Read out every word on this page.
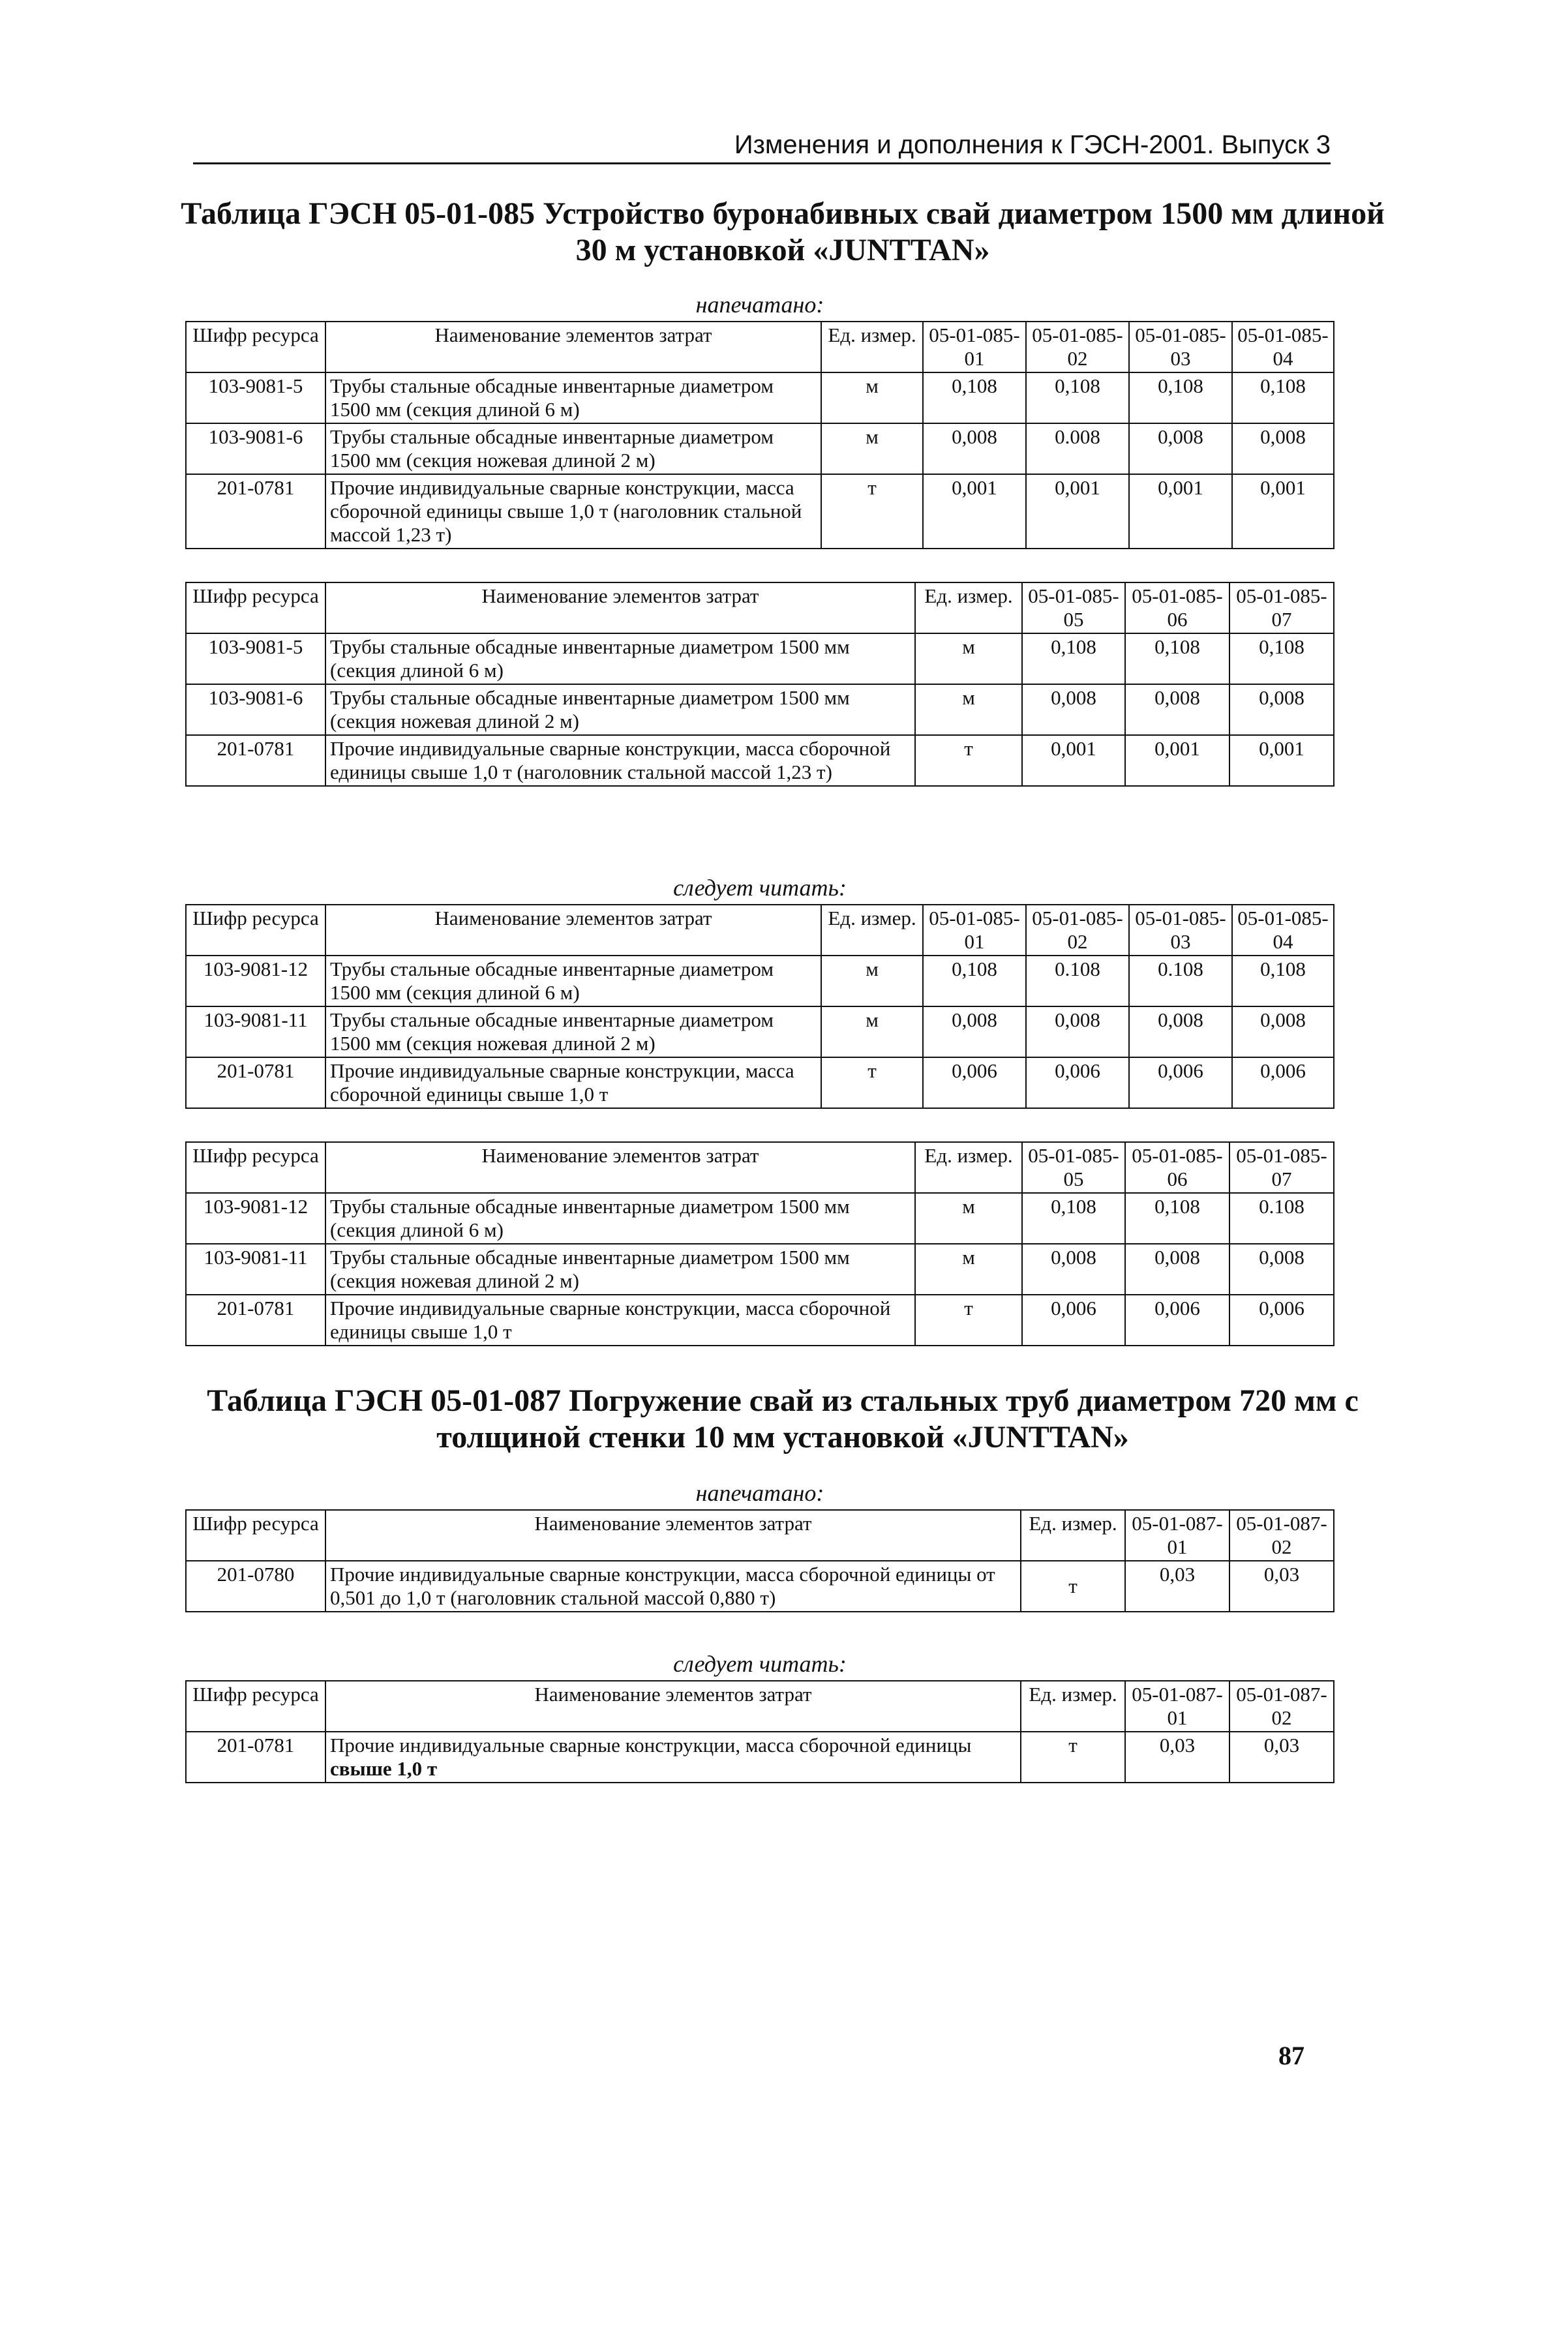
Изменения и дополнения к ГЭСН-2001. Выпуск 3
Таблица ГЭСН 05-01-085 Устройство буронабивных свай диаметром 1500 мм длиной
30 м установкой «JUNTTAN»
напечатано:
Шифр ресурса	Наименование элементов затрат	Ед. измер.	05-01-085-01	05-01-085-02	05-01-085-03	05-01-085-04
103-9081-5	Трубы стальные обсадные инвентарные диаметром 1500 мм (секция длиной 6 м)	м	0,108	0,108	0,108	0,108
103-9081-6	Трубы стальные обсадные инвентарные диаметром 1500 мм (секция ножевая длиной 2 м)	м	0,008	0.008	0,008	0,008
201-0781	Прочие индивидуальные сварные конструкции, масса сборочной единицы свыше 1,0 т (наголовник стальной массой 1,23 т)	т	0,001	0,001	0,001	0,001
Шифр ресурса	Наименование элементов затрат	Ед. измер.	05-01-085-05	05-01-085-06	05-01-085-07
103-9081-5	Трубы стальные обсадные инвентарные диаметром 1500 мм (секция длиной 6 м)	м	0,108	0,108	0,108
103-9081-6	Трубы стальные обсадные инвентарные диаметром 1500 мм (секция ножевая длиной 2 м)	м	0,008	0,008	0,008
201-0781	Прочие индивидуальные сварные конструкции, масса сборочной единицы свыше 1,0 т (наголовник стальной массой 1,23 т)	т	0,001	0,001	0,001
следует читать:
Шифр ресурса	Наименование элементов затрат	Ед. измер.	05-01-085-01	05-01-085-02	05-01-085-03	05-01-085-04
103-9081-12	Трубы стальные обсадные инвентарные диаметром 1500 мм (секция длиной 6 м)	м	0,108	0.108	0.108	0,108
103-9081-11	Трубы стальные обсадные инвентарные диаметром 1500 мм (секция ножевая длиной 2 м)	м	0,008	0,008	0,008	0,008
201-0781	Прочие индивидуальные сварные конструкции, масса сборочной единицы свыше 1,0 т	т	0,006	0,006	0,006	0,006
Шифр ресурса	Наименование элементов затрат	Ед. измер.	05-01-085-05	05-01-085-06	05-01-085-07
103-9081-12	Трубы стальные обсадные инвентарные диаметром 1500 мм (секция длиной 6 м)	м	0,108	0,108	0.108
103-9081-11	Трубы стальные обсадные инвентарные диаметром 1500 мм (секция ножевая длиной 2 м)	м	0,008	0,008	0,008
201-0781	Прочие индивидуальные сварные конструкции, масса сборочной единицы свыше 1,0 т	т	0,006	0,006	0,006
Таблица ГЭСН 05-01-087 Погружение свай из стальных труб диаметром 720 мм с
толщиной стенки 10 мм установкой «JUNTTAN»
напечатано:
Шифр ресурса	Наименование элементов затрат	Ед. измер.	05-01-087-01	05-01-087-02
201-0780	Прочие индивидуальные сварные конструкции, масса сборочной единицы от 0,501 до 1,0 т (наголовник стальной массой 0,880 т)	т	0,03	0,03
следует читать:
Шифр ресурса	Наименование элементов затрат	Ед. измер.	05-01-087-01	05-01-087-02
201-0781	Прочие индивидуальные сварные конструкции, масса сборочной единицы свыше 1,0 т	т	0,03	0,03
87
